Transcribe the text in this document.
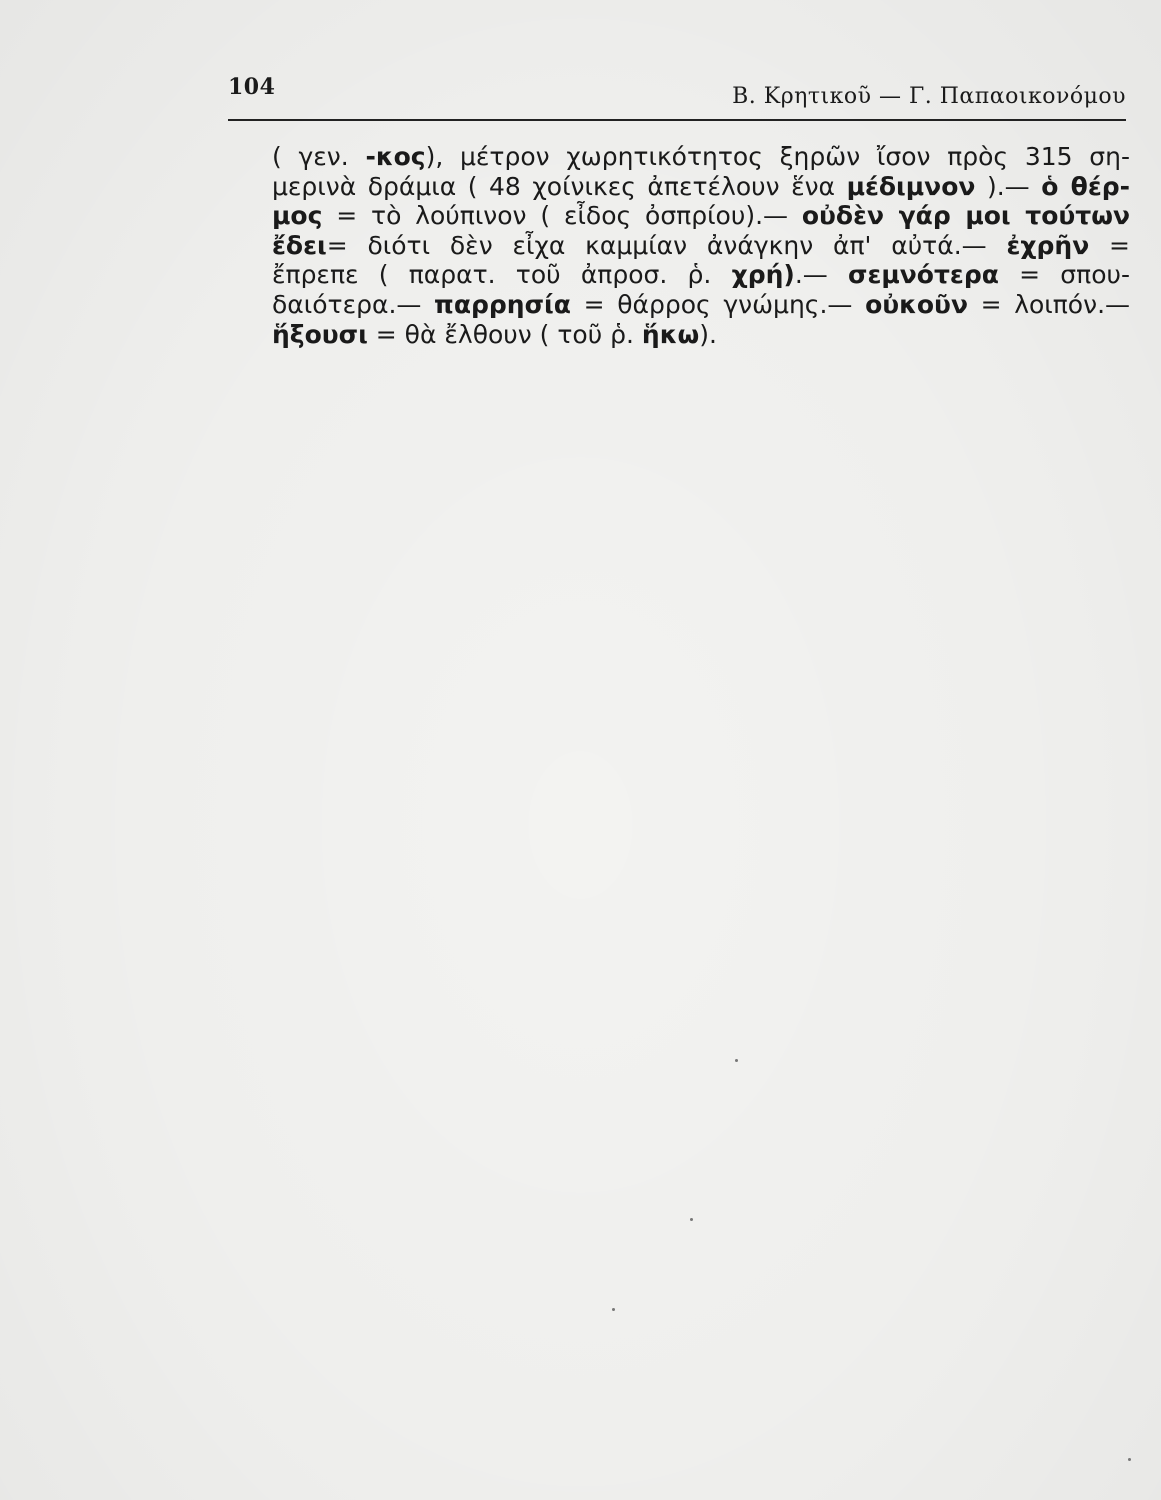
104	Β. Κρητικοῦ — Γ. Παπαοικονόμου
( γεν. -κος), μέτρον χωρητικότητος ξηρῶν ἴσον πρὸς 315 ση-
μερινὰ δράμια ( 48 χοίνικες ἀπετέλουν ἕνα μέδιμνον ).— ὁ θέρ-
μος = τὸ λούπινον ( εἶδος ὀσπρίου).— οὐδὲν γάρ μοι τούτων
ἔδει= διότι δὲν εἶχα καμμίαν ἀνάγκην ἀπ' αὐτά.— ἐχρῆν =
ἔπρεπε ( παρατ. τοῦ ἀπροσ. ῥ. χρή).— σεμνότερα = σπου-
δαιότερα.— παρρησία = θάρρος γνώμης.— οὐκοῦν = λοιπόν.—
ἥξουσι = θὰ ἔλθουν ( τοῦ ῥ. ἥκω).
